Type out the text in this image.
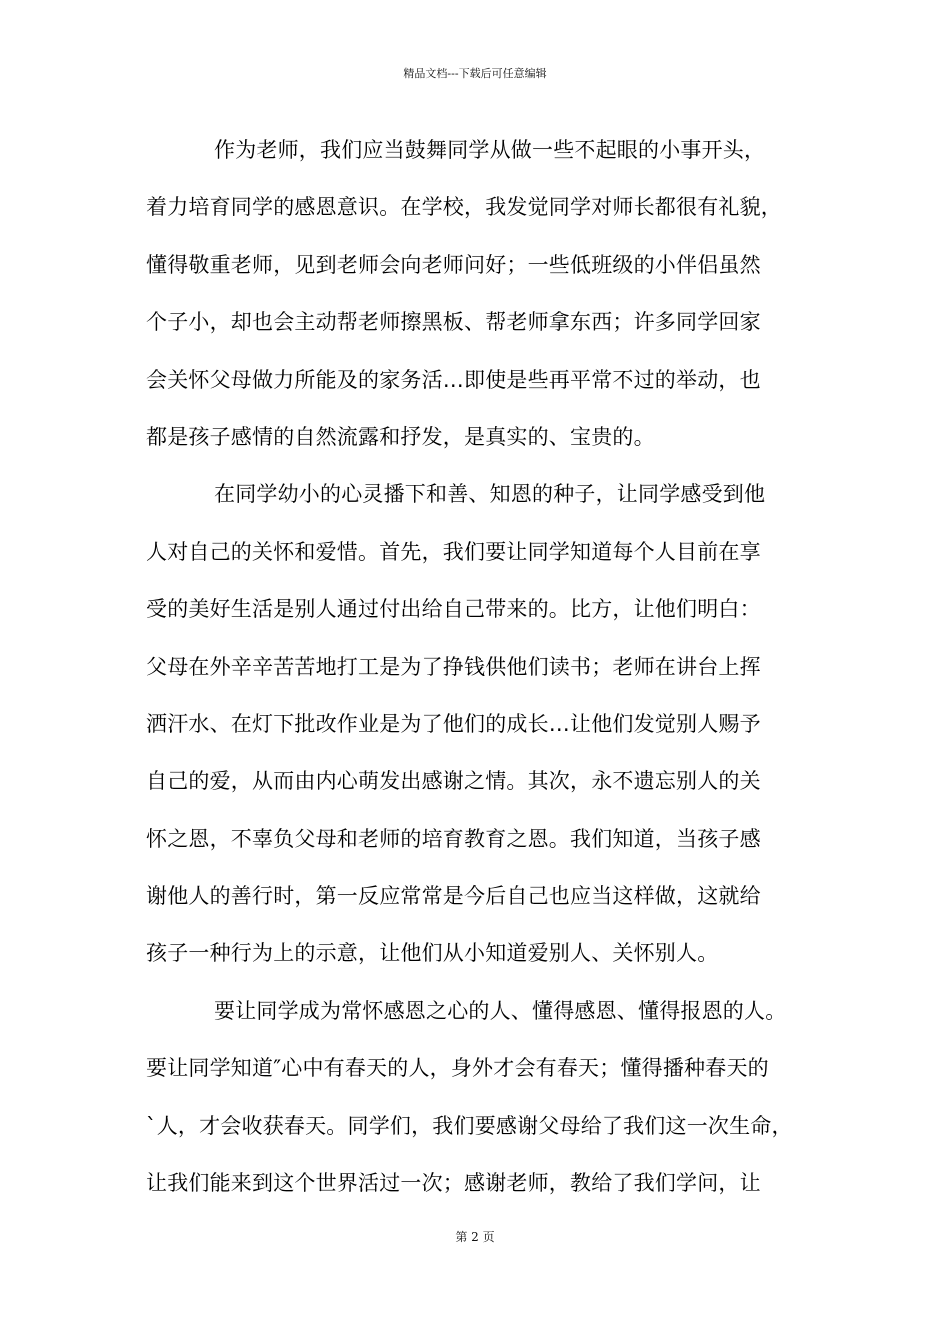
精品文档---下载后可任意编辑
作为老师，我们应当鼓舞同学从做一些不起眼的小事开头，
着力培育同学的感恩意识。在学校，我发觉同学对师长都很有礼貌，
懂得敬重老师，见到老师会向老师问好；一些低班级的小伴侣虽然
个子小，却也会主动帮老师擦黑板、帮老师拿东西；许多同学回家
会关怀父母做力所能及的家务活…即使是些再平常不过的举动，也
都是孩子感情的自然流露和抒发，是真实的、宝贵的。
在同学幼小的心灵播下和善、知恩的种子，让同学感受到他
人对自己的关怀和爱惜。首先，我们要让同学知道每个人目前在享
受的美好生活是别人通过付出给自己带来的。比方，让他们明白：
父母在外辛辛苦苦地打工是为了挣钱供他们读书；老师在讲台上挥
洒汗水、在灯下批改作业是为了他们的成长…让他们发觉别人赐予
自己的爱，从而由内心萌发出感谢之情。其次，永不遗忘别人的关
怀之恩，不辜负父母和老师的培育教育之恩。我们知道，当孩子感
谢他人的善行时，第一反应常常是今后自己也应当这样做，这就给
孩子一种行为上的示意，让他们从小知道爱别人、关怀别人。
要让同学成为常怀感恩之心的人、懂得感恩、懂得报恩的人。
要让同学知道″心中有春天的人，身外才会有春天；懂得播种春天的
`人，才会收获春天。同学们，我们要感谢父母给了我们这一次生命，
让我们能来到这个世界活过一次；感谢老师，教给了我们学问，让
第 2 页
